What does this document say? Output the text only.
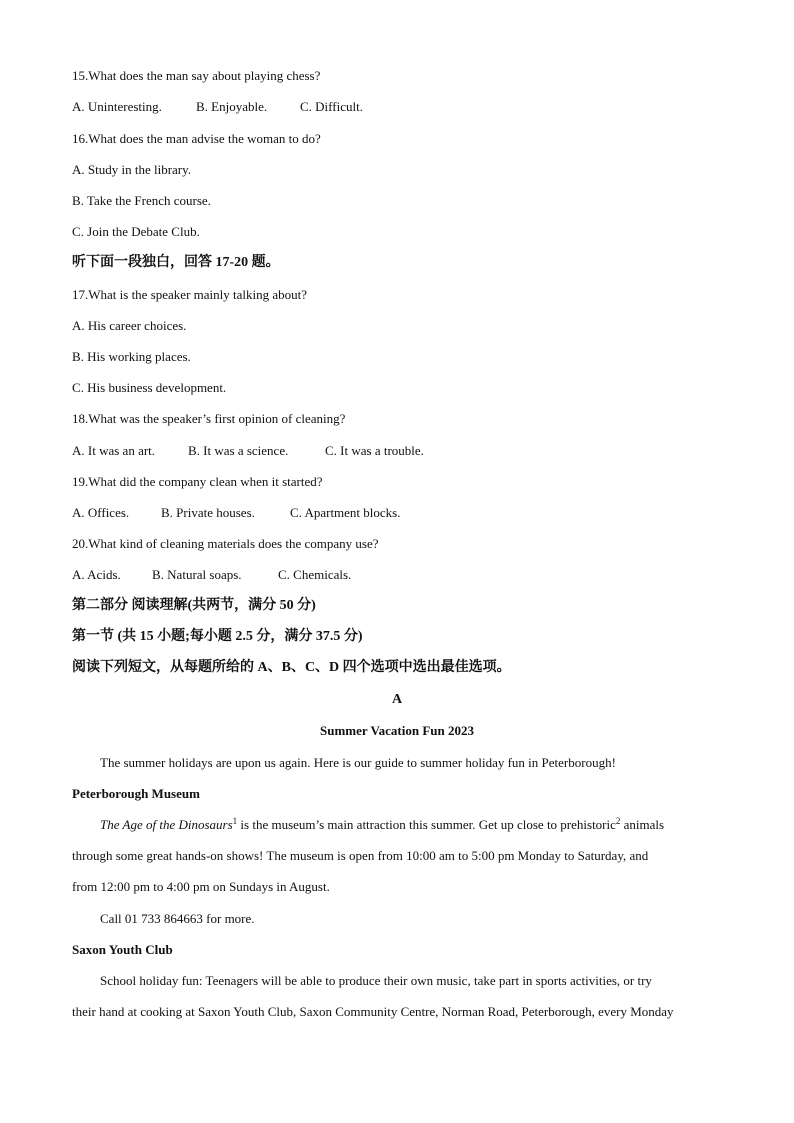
15.What does the man say about playing chess?
A. Uninteresting.	B. Enjoyable.	C. Difficult.
16.What does the man advise the woman to do?
A. Study in the library.
B. Take the French course.
C. Join the Debate Club.
听下面一段独白，回答 17-20 题。
17.What is the speaker mainly talking about?
A. His career choices.
B. His working places.
C. His business development.
18.What was the speaker’s first opinion of cleaning?
A. It was an art.	B. It was a science.	C. It was a trouble.
19.What did the company clean when it started?
A. Offices. B. Private houses.	C. Apartment blocks.
20.What kind of cleaning materials does the company use?
A. Acids. B. Natural soaps.	C. Chemicals.
第二部分 阅读理解(共两节，满分 50 分)
第一节 (共 15 小题;每小题 2.5 分，满分 37.5 分)
阅读下列短文，从每题所给的 A、B、C、D 四个选项中选出最佳选项。
A
Summer Vacation Fun 2023
The summer holidays are upon us again. Here is our guide to summer holiday fun in Peterborough!
Peterborough Museum
The Age of the Dinosaurs$^1$ is the museum’s main attraction this summer. Get up close to prehistoric$^2$ animals
through some great hands-on shows! The museum is open from 10:00 am to 5:00 pm Monday to Saturday, and
from 12:00 pm to 4:00 pm on Sundays in August.
Call 01 733 864663 for more.
Saxon Youth Club
School holiday fun: Teenagers will be able to produce their own music, take part in sports activities, or try
their hand at cooking at Saxon Youth Club, Saxon Community Centre, Norman Road, Peterborough, every Monday
